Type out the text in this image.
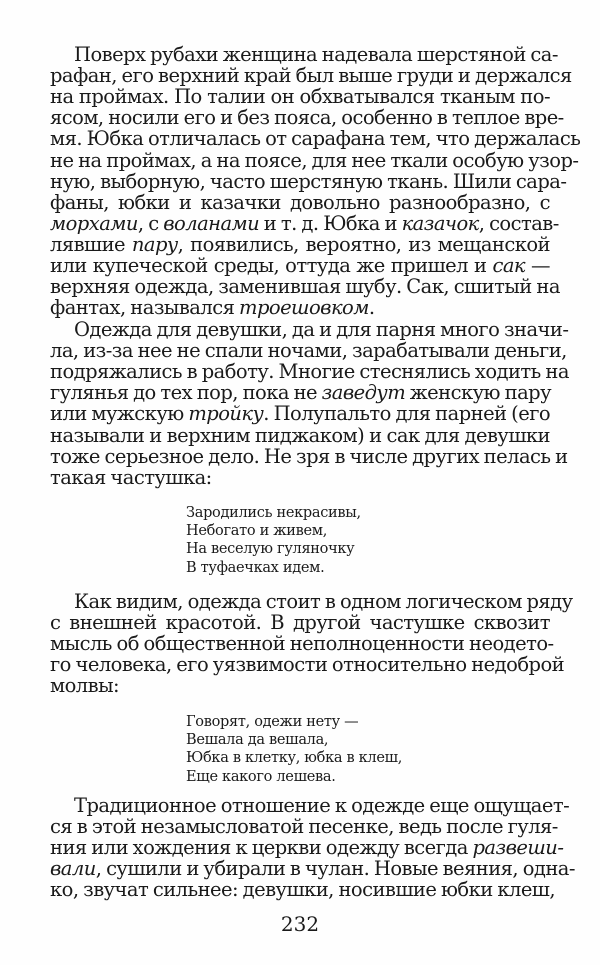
232
Поверх рубахи женщина надевала шерстяной са-
рафан, его верхний край был выше груди и держался
на проймах. По талии он обхватывался тканым по-
ясом, носили его и без пояса, особенно в теплое вре-
мя. Юбка отличалась от сарафана тем, что держалась
не на проймах, а на поясе, для нее ткали особую узор-
ную, выборную, часто шерстяную ткань. Шили сара-
фаны, юбки и казачки довольно разнообразно, с
морхами, с воланами и т. д. Юбка и казачок, состав-
лявшие пару, появились, вероятно, из мещанской
или купеческой среды, оттуда же пришел и сак —
верхняя одежда, заменившая шубу. Сак, сшитый на
фантах, назывался троешовком.
Одежда для девушки, да и для парня много значи-
ла, из-за нее не спали ночами, зарабатывали деньги,
подряжались в работу. Многие стеснялись ходить на
гулянья до тех пор, пока не заведут женскую пару
или мужскую тройку. Полупальто для парней (его
называли и верхним пиджаком) и сак для девушки
тоже серьезное дело. Не зря в числе других пелась и
такая частушка:
Зародились некрасивы,
Небогато и живем,
На веселую гуляночку
В туфаечках идем.
Как видим, одежда стоит в одном логическом ряду
с внешней красотой. В другой частушке сквозит
мысль об общественной неполноценности неодето-
го человека, его уязвимости относительно недоброй
молвы:
Говорят, одежи нету —
Вешала да вешала,
Юбка в клетку, юбка в клеш,
Еще какого лешева.
Традиционное отношение к одежде еще ощущает-
ся в этой незамысловатой песенке, ведь после гуля-
ния или хождения к церкви одежду всегда развеши-
вали, сушили и убирали в чулан. Новые веяния, одна-
ко, звучат сильнее: девушки, носившие юбки клеш,
